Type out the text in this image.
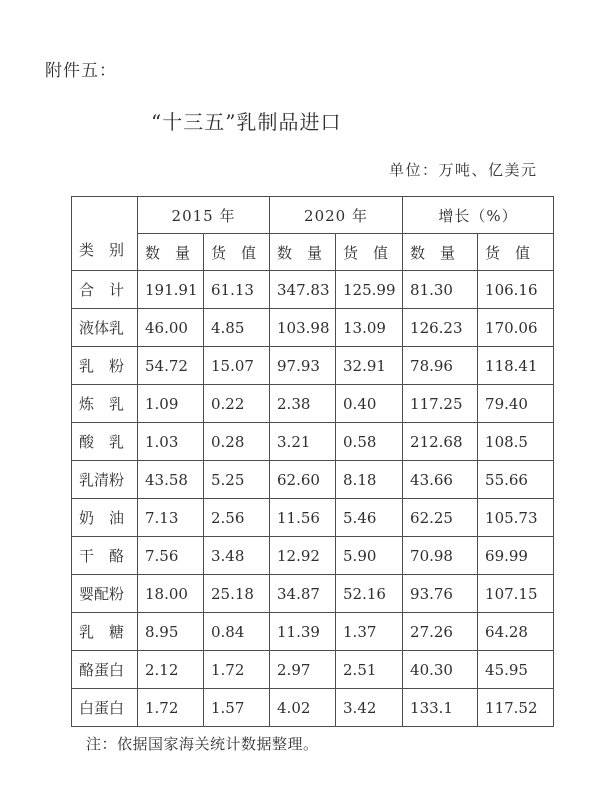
附件五：
“十三五”乳制品进口
单位：万吨、亿美元
类　别	2015 年		2020 年		增长（%）	
	数　量	货　值	数　量	货　值	数　量	货　值
合　计	191.91	61.13	347.83	125.99	81.30	106.16
液体乳	46.00	4.85	103.98	13.09	126.23	170.06
乳　粉	54.72	15.07	97.93	32.91	78.96	118.41
炼　乳	1.09	0.22	2.38	0.40	117.25	79.40
酸　乳	1.03	0.28	3.21	0.58	212.68	108.5
乳清粉	43.58	5.25	62.60	8.18	43.66	55.66
奶　油	7.13	2.56	11.56	5.46	62.25	105.73
干　酪	7.56	3.48	12.92	5.90	70.98	69.99
婴配粉	18.00	25.18	34.87	52.16	93.76	107.15
乳　糖	8.95	0.84	11.39	1.37	27.26	64.28
酪蛋白	2.12	1.72	2.97	2.51	40.30	45.95
白蛋白	1.72	1.57	4.02	3.42	133.1	117.52
注：依据国家海关统计数据整理。
